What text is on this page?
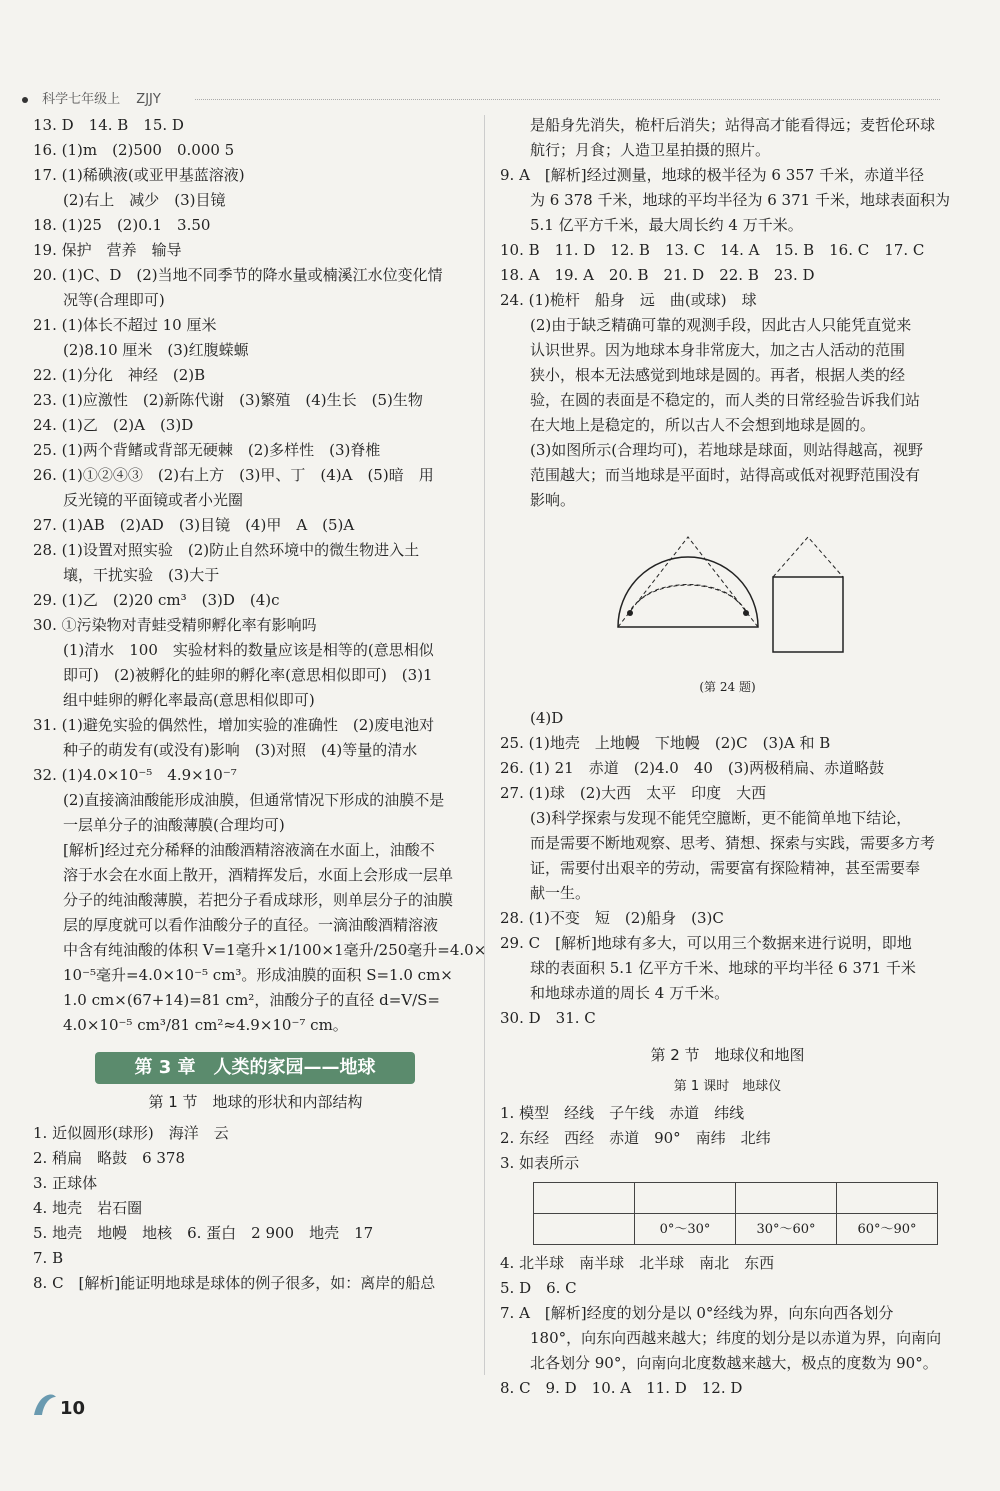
科学七年级上 ZJJY
13. D　14. B　15. D
16. (1)m　(2)500　0.000 5
17. (1)稀碘液(或亚甲基蓝溶液)
(2)右上　减少　(3)目镜
18. (1)25　(2)0.1　3.50
19. 保护　营养　输导
20. (1)C、D　(2)当地不同季节的降水量或楠溪江水位变化情
况等(合理即可)
21. (1)体长不超过 10 厘米
(2)8.10 厘米　(3)红腹蝾螈
22. (1)分化　神经　(2)B
23. (1)应激性　(2)新陈代谢　(3)繁殖　(4)生长　(5)生物
24. (1)乙　(2)A　(3)D
25. (1)两个背鳍或背部无硬棘　(2)多样性　(3)脊椎
26. (1)①②④③　(2)右上方　(3)甲、丁　(4)A　(5)暗　用
反光镜的平面镜或者小光圈
27. (1)AB　(2)AD　(3)目镜　(4)甲　A　(5)A
28. (1)设置对照实验　(2)防止自然环境中的微生物进入土
壤，干扰实验　(3)大于
29. (1)乙　(2)20 cm³　(3)D　(4)c
30. ①污染物对青蛙受精卵孵化率有影响吗
(1)清水　100　实验材料的数量应该是相等的(意思相似
即可)　(2)被孵化的蛙卵的孵化率(意思相似即可)　(3)1
组中蛙卵的孵化率最高(意思相似即可)
31. (1)避免实验的偶然性，增加实验的准确性　(2)废电池对
种子的萌发有(或没有)影响　(3)对照　(4)等量的清水
32. (1)4.0×10⁻⁵　4.9×10⁻⁷
(2)直接滴油酸能形成油膜，但通常情况下形成的油膜不是
一层单分子的油酸薄膜(合理均可)
[解析]经过充分稀释的油酸酒精溶液滴在水面上，油酸不
溶于水会在水面上散开，酒精挥发后，水面上会形成一层单
分子的纯油酸薄膜，若把分子看成球形，则单层分子的油膜
层的厚度就可以看作油酸分子的直径。一滴油酸酒精溶液
中含有纯油酸的体积 V=1毫升×1/100×1毫升/250毫升=4.0×
10⁻⁵毫升=4.0×10⁻⁵ cm³。形成油膜的面积 S=1.0 cm×
1.0 cm×(67+14)=81 cm²，油酸分子的直径 d=V/S=
4.0×10⁻⁵ cm³/81 cm²≈4.9×10⁻⁷ cm。
第 3 章　人类的家园——地球
第 1 节　地球的形状和内部结构
1. 近似圆形(球形)　海洋　云
2. 稍扁　略鼓　6 378
3. 正球体
4. 地壳　岩石圈
5. 地壳　地幔　地核　6. 蛋白　2 900　地壳　17
7. B
8. C　[解析]能证明地球是球体的例子很多，如：离岸的船总
是船身先消失，桅杆后消失；站得高才能看得远；麦哲伦环球
航行；月食；人造卫星拍摄的照片。
9. A　[解析]经过测量，地球的极半径为 6 357 千米，赤道半径
为 6 378 千米，地球的平均半径为 6 371 千米，地球表面积为
5.1 亿平方千米，最大周长约 4 万千米。
10. B　11. D　12. B　13. C　14. A　15. B　16. C　17. C
18. A　19. A　20. B　21. D　22. B　23. D
24. (1)桅杆　船身　远　曲(或球)　球
(2)由于缺乏精确可靠的观测手段，因此古人只能凭直觉来
认识世界。因为地球本身非常庞大，加之古人活动的范围
狭小，根本无法感觉到地球是圆的。再者，根据人类的经
验，在圆的表面是不稳定的，而人类的日常经验告诉我们站
在大地上是稳定的，所以古人不会想到地球是圆的。
(3)如图所示(合理均可)，若地球是球面，则站得越高，视野
范围越大；而当地球是平面时，站得高或低对视野范围没有
影响。
(第 24 题)
(4)D
25. (1)地壳　上地幔　下地幔　(2)C　(3)A 和 B
26. (1) 21　赤道　(2)4.0　40　(3)两极稍扁、赤道略鼓
27. (1)球　(2)大西　太平　印度　大西
(3)科学探索与发现不能凭空臆断，更不能简单地下结论，
而是需要不断地观察、思考、猜想、探索与实践，需要多方考
证，需要付出艰辛的劳动，需要富有探险精神，甚至需要奉
献一生。
28. (1)不变　短　(2)船身　(3)C
29. C　[解析]地球有多大，可以用三个数据来进行说明，即地
球的表面积 5.1 亿平方千米、地球的平均半径 6 371 千米
和地球赤道的周长 4 万千米。
30. D　31. C
第 2 节　地球仪和地图
第 1 课时　地球仪
1. 模型　经线　子午线　赤道　纬线
2. 东经　西经　赤道　90°　南纬　北纬
3. 如表所示

	0°～30°	30°～60°	60°～90°
4. 北半球　南半球　北半球　南北　东西
5. D　6. C
7. A　[解析]经度的划分是以 0°经线为界，向东向西各划分
180°，向东向西越来越大；纬度的划分是以赤道为界，向南向
北各划分 90°，向南向北度数越来越大，极点的度数为 90°。
8. C　9. D　10. A　11. D　12. D
10
